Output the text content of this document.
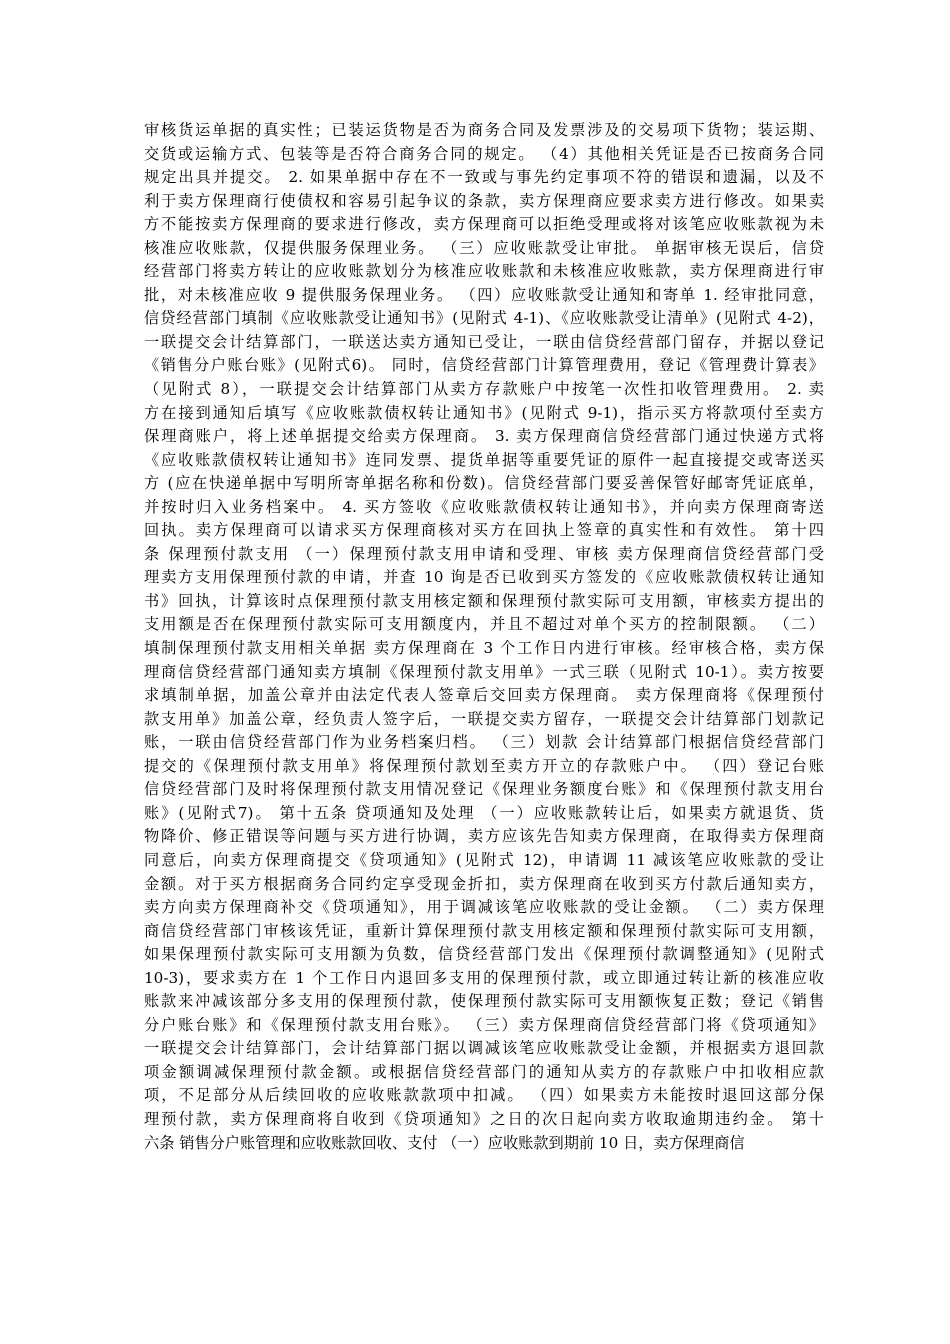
审核货运单据的真实性；已装运货物是否为商务合同及发票涉及的交易项下货物；装运期、
交货或运输方式、包装等是否符合商务合同的规定。 （4）其他相关凭证是否已按商务合同
规定出具并提交。 2. 如果单据中存在不一致或与事先约定事项不符的错误和遗漏，以及不
利于卖方保理商行使债权和容易引起争议的条款，卖方保理商应要求卖方进行修改。如果卖
方不能按卖方保理商的要求进行修改，卖方保理商可以拒绝受理或将对该笔应收账款视为未
核准应收账款，仅提供服务保理业务。 （三）应收账款受让审批。 单据审核无误后，信贷
经营部门将卖方转让的应收账款划分为核准应收账款和未核准应收账款，卖方保理商进行审
批，对未核准应收 9 提供服务保理业务。 （四）应收账款受让通知和寄单 1. 经审批同意，
信贷经营部门填制《应收账款受让通知书》(见附式 4-1)、《应收账款受让清单》(见附式 4-2)，
一联提交会计结算部门，一联送达卖方通知已受让，一联由信贷经营部门留存，并据以登记
《销售分户账台账》(见附式6)。 同时，信贷经营部门计算管理费用，登记《管理费计算表》
（见附式 8），一联提交会计结算部门从卖方存款账户中按笔一次性扣收管理费用。 2. 卖
方在接到通知后填写《应收账款债权转让通知书》(见附式 9-1)，指示买方将款项付至卖方
保理商账户，将上述单据提交给卖方保理商。 3. 卖方保理商信贷经营部门通过快递方式将
《应收账款债权转让通知书》连同发票、提货单据等重要凭证的原件一起直接提交或寄送买
方 (应在快递单据中写明所寄单据名称和份数)。信贷经营部门要妥善保管好邮寄凭证底单，
并按时归入业务档案中。 4. 买方签收《应收账款债权转让通知书》，并向卖方保理商寄送
回执。卖方保理商可以请求买方保理商核对买方在回执上签章的真实性和有效性。 第十四
条 保理预付款支用 （一）保理预付款支用申请和受理、审核 卖方保理商信贷经营部门受
理卖方支用保理预付款的申请，并查 10 询是否已收到买方签发的《应收账款债权转让通知
书》回执，计算该时点保理预付款支用核定额和保理预付款实际可支用额，审核卖方提出的
支用额是否在保理预付款实际可支用额度内，并且不超过对单个买方的控制限额。 （二）
填制保理预付款支用相关单据 卖方保理商在 3 个工作日内进行审核。经审核合格，卖方保
理商信贷经营部门通知卖方填制《保理预付款支用单》一式三联（见附式 10-1）。卖方按要
求填制单据，加盖公章并由法定代表人签章后交回卖方保理商。 卖方保理商将《保理预付
款支用单》加盖公章，经负责人签字后，一联提交卖方留存，一联提交会计结算部门划款记
账，一联由信贷经营部门作为业务档案归档。 （三）划款 会计结算部门根据信贷经营部门
提交的《保理预付款支用单》将保理预付款划至卖方开立的存款账户中。 （四）登记台账
信贷经营部门及时将保理预付款支用情况登记《保理业务额度台账》和《保理预付款支用台
账》(见附式7)。 第十五条 贷项通知及处理 （一）应收账款转让后，如果卖方就退货、货
物降价、修正错误等问题与买方进行协调，卖方应该先告知卖方保理商，在取得卖方保理商
同意后，向卖方保理商提交《贷项通知》(见附式 12)，申请调 11 减该笔应收账款的受让
金额。对于买方根据商务合同约定享受现金折扣，卖方保理商在收到买方付款后通知卖方，
卖方向卖方保理商补交《贷项通知》，用于调减该笔应收账款的受让金额。 （二）卖方保理
商信贷经营部门审核该凭证，重新计算保理预付款支用核定额和保理预付款实际可支用额，
如果保理预付款实际可支用额为负数，信贷经营部门发出《保理预付款调整通知》(见附式
10-3)，要求卖方在 1 个工作日内退回多支用的保理预付款，或立即通过转让新的核准应收
账款来冲减该部分多支用的保理预付款，使保理预付款实际可支用额恢复正数；登记《销售
分户账台账》和《保理预付款支用台账》。 （三）卖方保理商信贷经营部门将《贷项通知》
一联提交会计结算部门，会计结算部门据以调减该笔应收账款受让金额，并根据卖方退回款
项金额调减保理预付款金额。或根据信贷经营部门的通知从卖方的存款账户中扣收相应款
项，不足部分从后续回收的应收账款款项中扣减。 （四）如果卖方未能按时退回这部分保
理预付款，卖方保理商将自收到《贷项通知》之日的次日起向卖方收取逾期违约金。 第十
六条 销售分户账管理和应收账款回收、支付 （一）应收账款到期前 10 日，卖方保理商信
